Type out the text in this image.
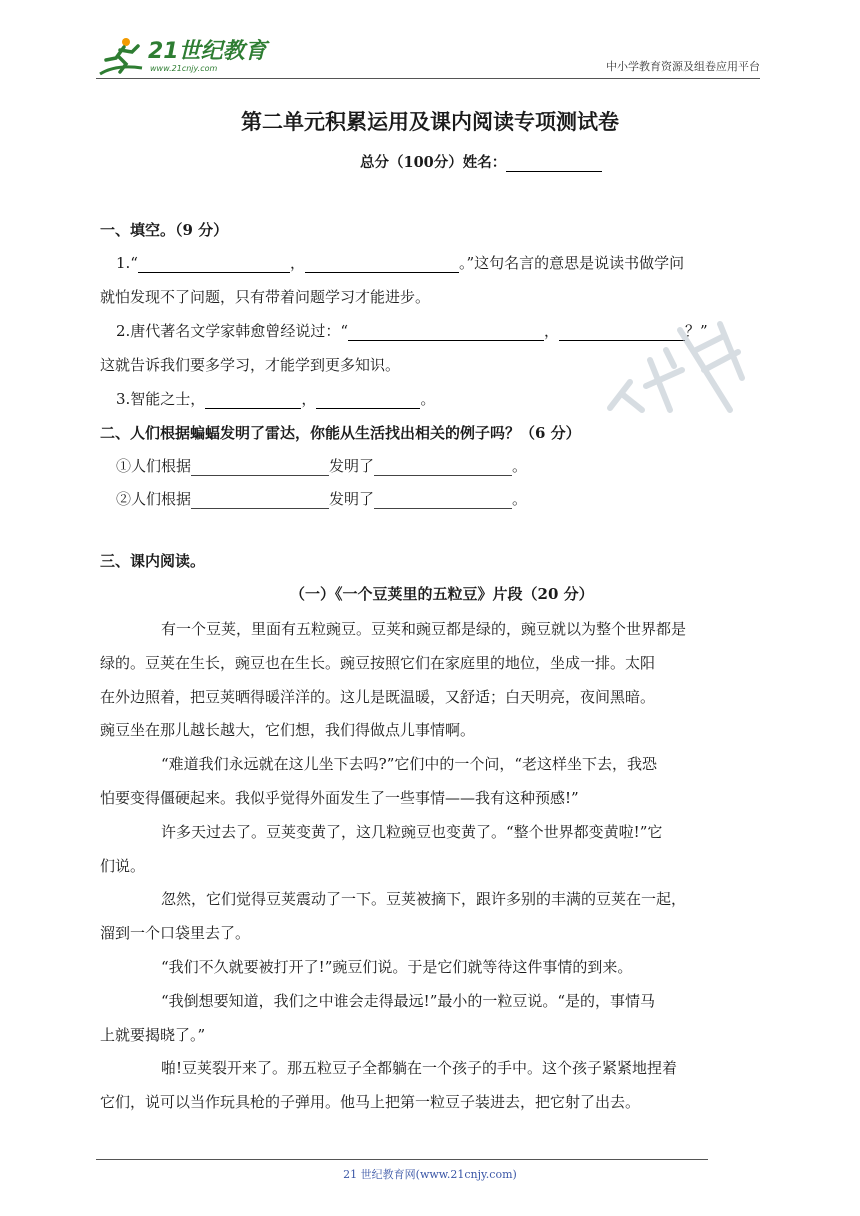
21世纪教育
www.21cnjy.com	中小学教育资源及组卷应用平台
第二单元积累运用及课内阅读专项测试卷
总分（100分）姓名：
一、填空。（9 分）
1.“	，	。”这句名言的意思是说读书做学问
就怕发现不了问题，只有带着问题学习才能进步。
2.唐代著名文学家韩愈曾经说过：“	，	？”
这就告诉我们要多学习，才能学到更多知识。
3.智能之士，	，	。
二、人们根据蝙蝠发明了雷达，你能从生活找出相关的例子吗？（6 分）
①人们根据	发明了	。
②人们根据	发明了	。
三、课内阅读。
（一）《一个豆荚里的五粒豆》片段（20 分）
有一个豆荚，里面有五粒豌豆。豆荚和豌豆都是绿的，豌豆就以为整个世界都是
绿的。豆荚在生长，豌豆也在生长。豌豆按照它们在家庭里的地位，坐成一排。太阳
在外边照着，把豆荚晒得暖洋洋的。这儿是既温暖，又舒适；白天明亮，夜间黑暗。
豌豆坐在那儿越长越大，它们想，我们得做点儿事情啊。
“难道我们永远就在这儿坐下去吗?”它们中的一个问，“老这样坐下去，我恐
怕要变得僵硬起来。我似乎觉得外面发生了一些事情——我有这种预感!”
许多天过去了。豆荚变黄了，这几粒豌豆也变黄了。“整个世界都变黄啦!”它
们说。
忽然，它们觉得豆荚震动了一下。豆荚被摘下，跟许多别的丰满的豆荚在一起，
溜到一个口袋里去了。
“我们不久就要被打开了!”豌豆们说。于是它们就等待这件事情的到来。
“我倒想要知道，我们之中谁会走得最远!”最小的一粒豆说。“是的，事情马
上就要揭晓了。”
啪!豆荚裂开来了。那五粒豆子全都躺在一个孩子的手中。这个孩子紧紧地捏着
它们，说可以当作玩具枪的子弹用。他马上把第一粒豆子装进去，把它射了出去。
21 世纪教育网(www.21cnjy.com)
